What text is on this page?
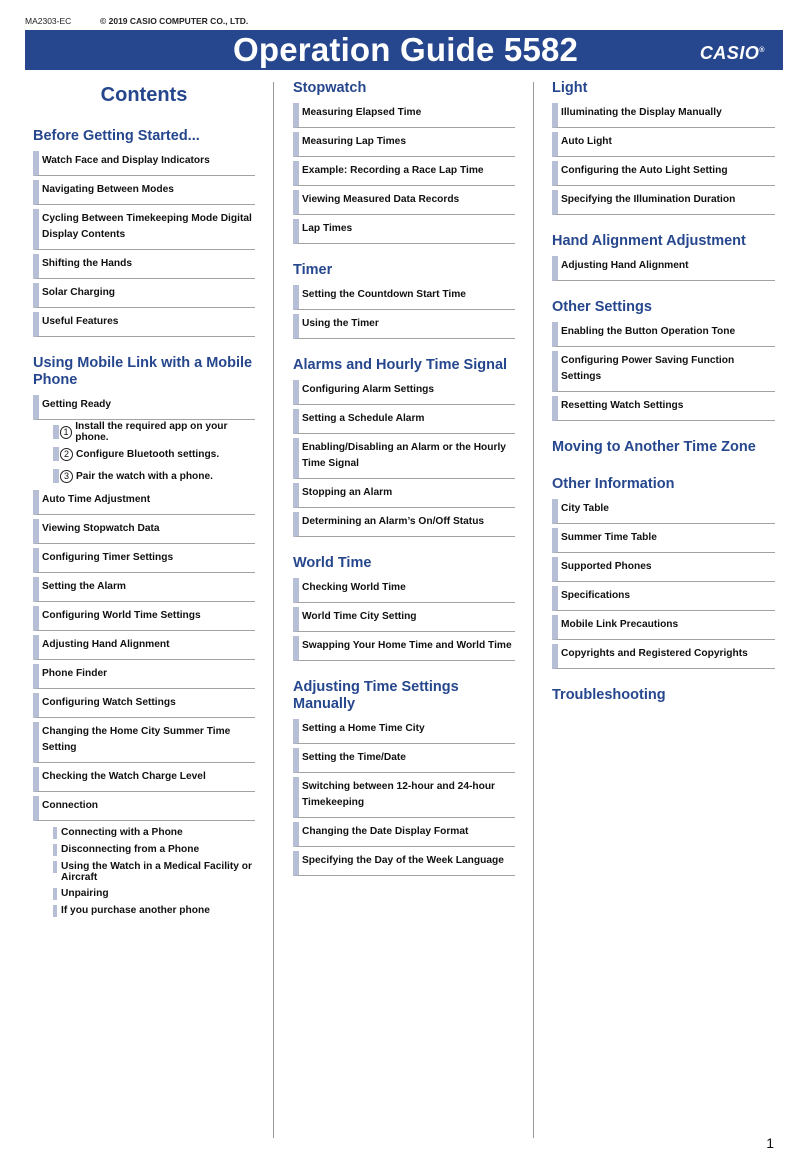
MA2303-EC	© 2019 CASIO COMPUTER CO., LTD.
Operation Guide 5582	CASIO®
Contents
Before Getting Started...
Watch Face and Display Indicators
Navigating Between Modes
Cycling Between Timekeeping Mode Digital Display Contents
Shifting the Hands
Solar Charging
Useful Features
Using Mobile Link with a Mobile Phone
Getting Ready
1 Install the required app on your phone.
2 Configure Bluetooth settings.
3 Pair the watch with a phone.
Auto Time Adjustment
Viewing Stopwatch Data
Configuring Timer Settings
Setting the Alarm
Configuring World Time Settings
Adjusting Hand Alignment
Phone Finder
Configuring Watch Settings
Changing the Home City Summer Time Setting
Checking the Watch Charge Level
Connection
Connecting with a Phone
Disconnecting from a Phone
Using the Watch in a Medical Facility or Aircraft
Unpairing
If you purchase another phone
Stopwatch
Measuring Elapsed Time
Measuring Lap Times
Example: Recording a Race Lap Time
Viewing Measured Data Records
Lap Times
Timer
Setting the Countdown Start Time
Using the Timer
Alarms and Hourly Time Signal
Configuring Alarm Settings
Setting a Schedule Alarm
Enabling/Disabling an Alarm or the Hourly Time Signal
Stopping an Alarm
Determining an Alarm’s On/Off Status
World Time
Checking World Time
World Time City Setting
Swapping Your Home Time and World Time
Adjusting Time Settings Manually
Setting a Home Time City
Setting the Time/Date
Switching between 12-hour and 24-hour Timekeeping
Changing the Date Display Format
Specifying the Day of the Week Language
Light
Illuminating the Display Manually
Auto Light
Configuring the Auto Light Setting
Specifying the Illumination Duration
Hand Alignment Adjustment
Adjusting Hand Alignment
Other Settings
Enabling the Button Operation Tone
Configuring Power Saving Function Settings
Resetting Watch Settings
Moving to Another Time Zone
Other Information
City Table
Summer Time Table
Supported Phones
Specifications
Mobile Link Precautions
Copyrights and Registered Copyrights
Troubleshooting
1
